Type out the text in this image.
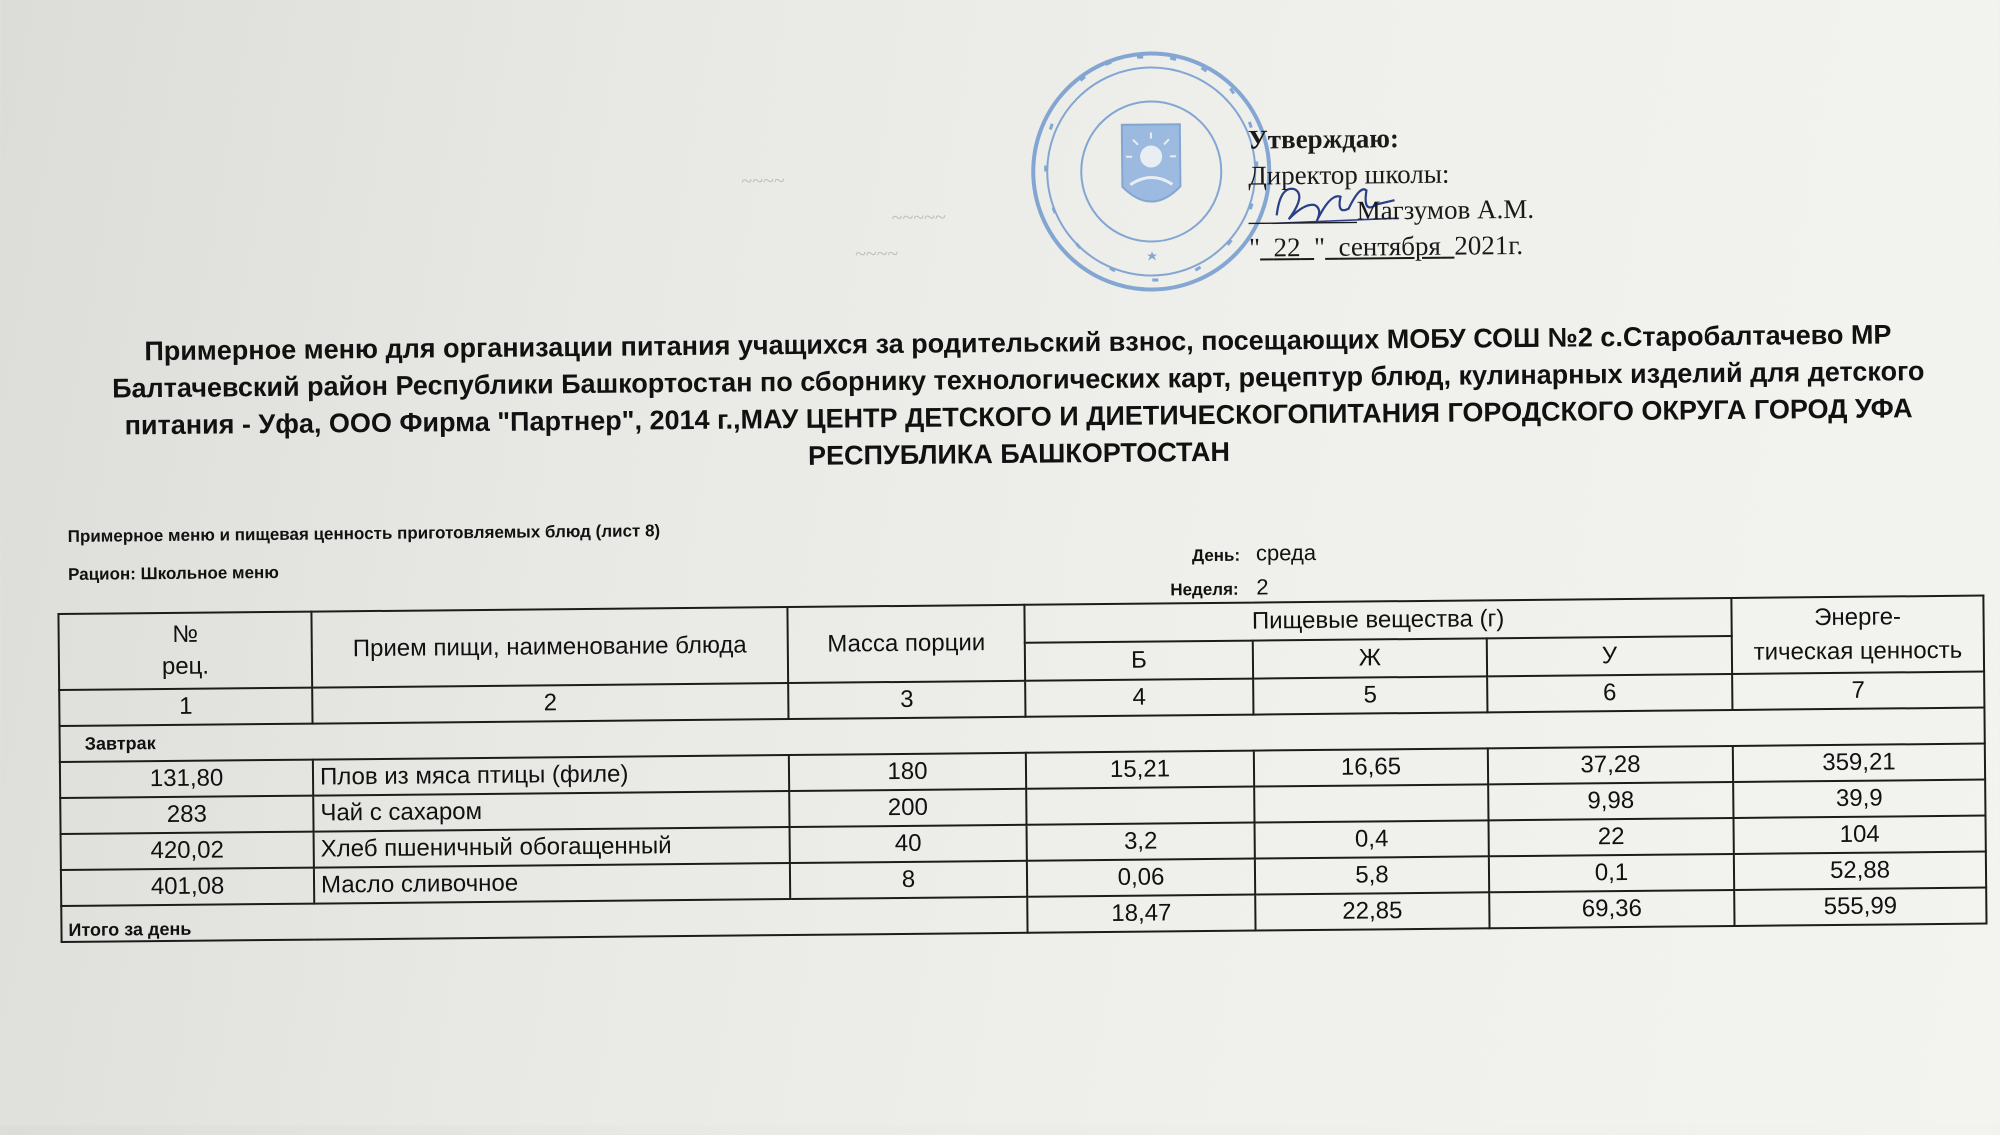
~~~~
~~~~~
~~~~
Утверждаю:
Директор школы:
________Магзумов А.М.
" 22 " сентября 2021г.
Примерное меню для организации питания учащихся за родительский взнос, посещающих МОБУ СОШ №2 с.Старобалтачево МР Балтачевский район Республики Башкортостан по сборнику технологических карт, рецептур блюд, кулинарных изделий для детского питания - Уфа, ООО Фирма "Партнер", 2014 г.,МАУ ЦЕНТР ДЕТСКОГО И ДИЕТИЧЕСКОГОПИТАНИЯ ГОРОДСКОГО ОКРУГА ГОРОД УФА РЕСПУБЛИКА БАШКОРТОСТАН
Примерное меню и пищевая ценность приготовляемых блюд (лист 8)
Рацион: Школьное меню
День: среда
Неделя: 2
№
рец.	Прием пищи, наименование блюда	Масса порции	Пищевые вещества (г)			Энерге-
тическая ценность
			Б	Ж	У	
1	2	3	4	5	6	7
Завтрак						
131,80	Плов из мяса птицы (филе)	180	15,21	16,65	37,28	359,21
283	Чай с сахаром	200			9,98	39,9
420,02	Хлеб пшеничный обогащенный	40	3,2	0,4	22	104
401,08	Масло сливочное	8	0,06	5,8	0,1	52,88
Итого за день			18,47	22,85	69,36	555,99
